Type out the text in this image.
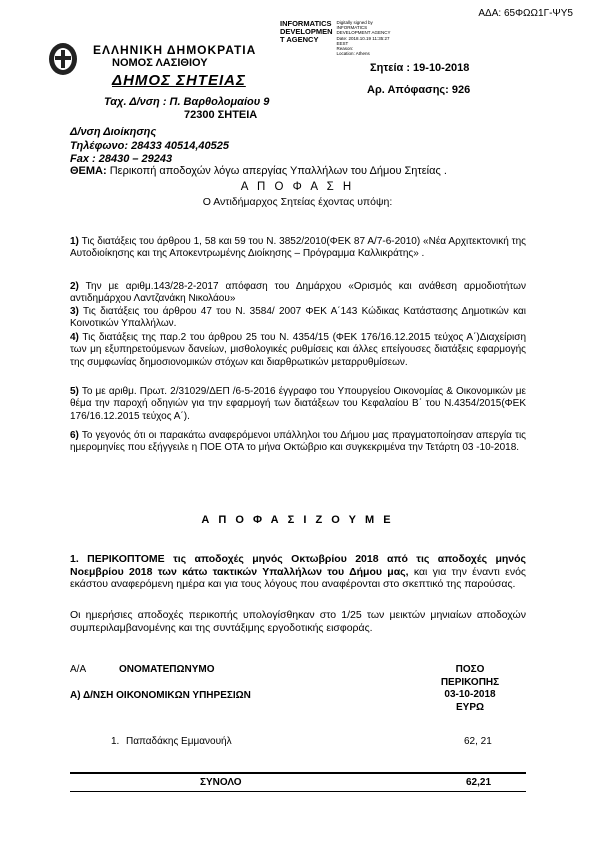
ΑΔΑ: 65ΦΩΩ1Γ-ΨΥ5
INFORMATICS
DEVELOPMEN
T AGENCY
Digitally signed by
INFORMATICS
DEVELOPMENT AGENCY
Date: 2018.10.19 11:35:27
EEST
Reason:
Location: Athens
ΕΛΛΗΝΙΚΗ ΔΗΜΟΚΡΑΤΙΑ
ΝΟΜΟΣ ΛΑΣΙΘΙΟΥ
ΔΗΜΟΣ ΣΗΤΕΙΑΣ
Ταχ. Δ/νση : Π. Βαρθολομαίου 9
72300 ΣΗΤΕΙΑ
Σητεία : 19-10-2018
Αρ. Απόφασης: 926
Δ/νση Διοίκησης
Τηλέφωνο: 28433 40514,40525
Fax : 28430 – 29243
ΘΕΜΑ: Περικοπή αποδοχών λόγω απεργίας Υπαλλήλων του Δήμου Σητείας .
Α Π Ο Φ Α Σ Η
Ο Αντιδήμαρχος Σητείας έχοντας υπόψη:
1) Τις διατάξεις του άρθρου 1, 58 και 59 του Ν. 3852/2010(ΦΕΚ 87 Α/7-6-2010) «Νέα Αρχιτεκτονική της Αυτοδιοίκησης και της Αποκεντρωμένης Διοίκησης – Πρόγραμμα Καλλικράτης» .
2) Την με αριθμ.143/28-2-2017 απόφαση του Δημάρχου «Ορισμός και ανάθεση αρμοδιοτήτων αντιδημάρχου Λαντζανάκη Νικολάου»
3) Τις διατάξεις του άρθρου 47 του Ν. 3584/ 2007 ΦΕΚ Α΄143 Κώδικας Κατάστασης Δημοτικών και Κοινοτικών Υπαλλήλων.
4) Τις διατάξεις της παρ.2 του άρθρου 25 του Ν. 4354/15 (ΦΕΚ 176/16.12.2015 τεύχος Α΄)Διαχείριση των μη εξυπηρετούμενων δανείων, μισθολογικές ρυθμίσεις και άλλες επείγουσες διατάξεις εφαρμογής της συμφωνίας δημοσιονομικών στόχων και διαρθρωτικών μεταρρυθμίσεων.
5) Το με αριθμ. Πρωτ. 2/31029/ΔΕΠ /6-5-2016 έγγραφο του Υπουργείου Οικονομίας & Οικονομικών με θέμα την παροχή οδηγιών για την εφαρμογή των διατάξεων του Κεφαλαίου Β΄ του Ν.4354/2015(ΦΕΚ 176/16.12.2015 τεύχος Α΄).
6) Το γεγονός ότι οι παρακάτω αναφερόμενοι υπάλληλοι του Δήμου μας πραγματοποίησαν απεργία τις ημερομηνίες που εξήγγειλε η ΠΟΕ ΟΤΑ το μήνα Οκτώβριο και συγκεκριμένα την Τετάρτη 03 -10-2018.
Α Π Ο Φ Α Σ Ι Ζ Ο Υ Μ Ε
1. ΠΕΡΙΚΟΠΤΟΜΕ τις αποδοχές μηνός Οκτωβρίου 2018 από τις αποδοχές μηνός Νοεμβρίου 2018 των κάτω τακτικών Υπαλλήλων του Δήμου μας, και για την έναντι ενός εκάστου αναφερόμενη ημέρα και για τους λόγους που αναφέρονται στο σκεπτικό της παρούσας.
Οι ημερήσιες αποδοχές περικοπής υπολογίσθηκαν στο 1/25 των μεικτών μηνιαίων αποδοχών συμπεριλαμβανομένης και της συντάξιμης εργοδοτικής εισφοράς.
Α/Α	ΟΝΟΜΑΤΕΠΩΝΥΜΟ	ΠΟΣΟ
ΠΕΡΙΚΟΠΗΣ
03-10-2018
ΕΥΡΩ
Α) Δ/ΝΣΗ ΟΙΚΟΝΟΜΙΚΩΝ ΥΠΗΡΕΣΙΩΝ
1. Παπαδάκης Εμμανουήλ	62, 21
ΣΥΝΟΛΟ	62,21
